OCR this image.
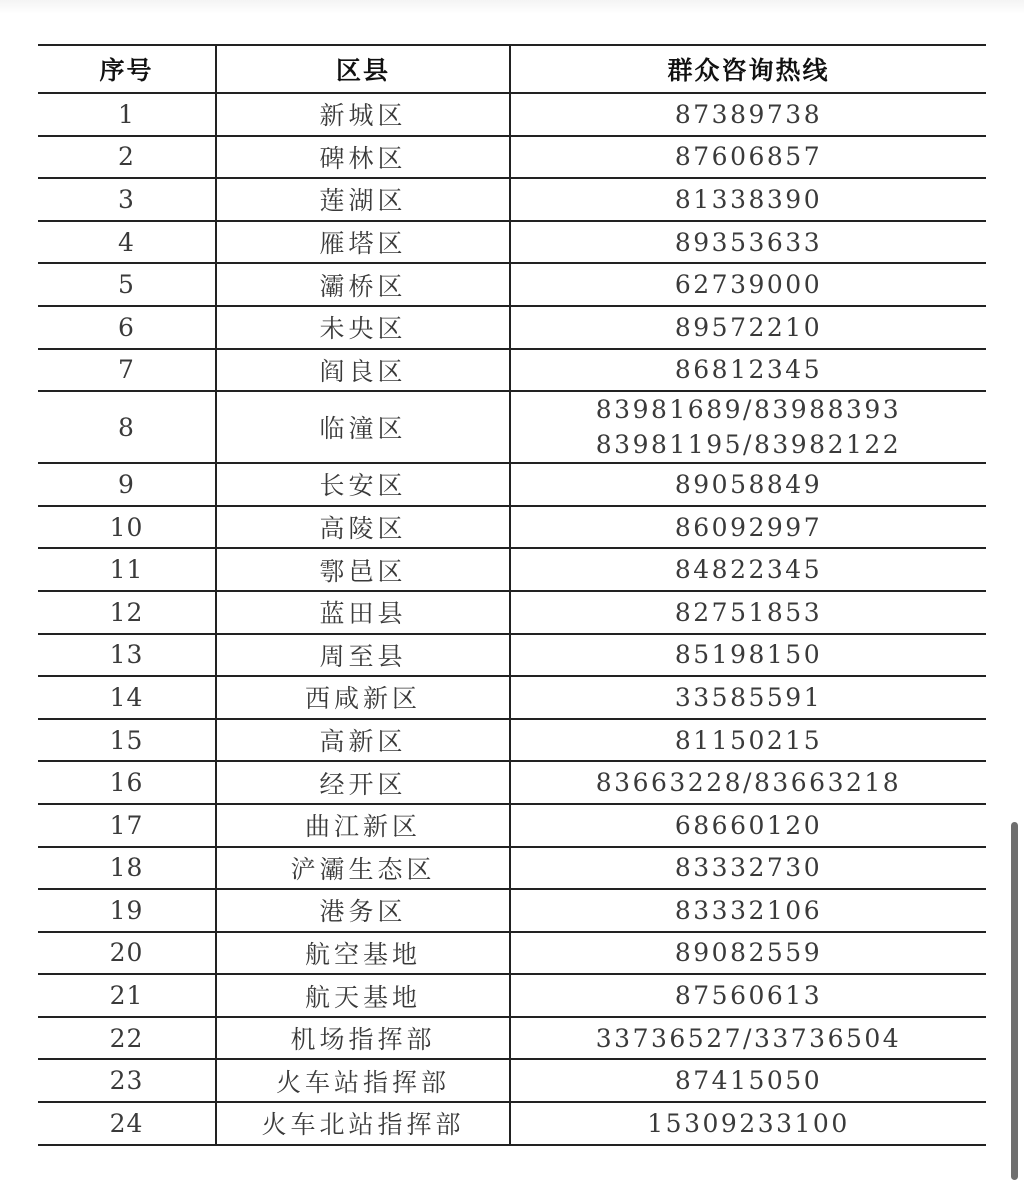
序号	区县	群众咨询热线
1	新城区	87389738

2	碑林区	87606857

3	莲湖区	81338390

4	雁塔区	89353633

5	灞桥区	62739000

6	未央区	89572210

7	阎良区	86812345

8	临潼区	83981689/83988393
83981195/83982122

9	长安区	89058849

10	高陵区	86092997

11	鄠邑区	84822345

12	蓝田县	82751853

13	周至县	85198150

14	西咸新区	33585591

15	高新区	81150215

16	经开区	83663228/83663218

17	曲江新区	68660120

18	浐灞生态区	83332730

19	港务区	83332106

20	航空基地	89082559

21	航天基地	87560613

22	机场指挥部	33736527/33736504

23	火车站指挥部	87415050

24	火车北站指挥部	15309233100
